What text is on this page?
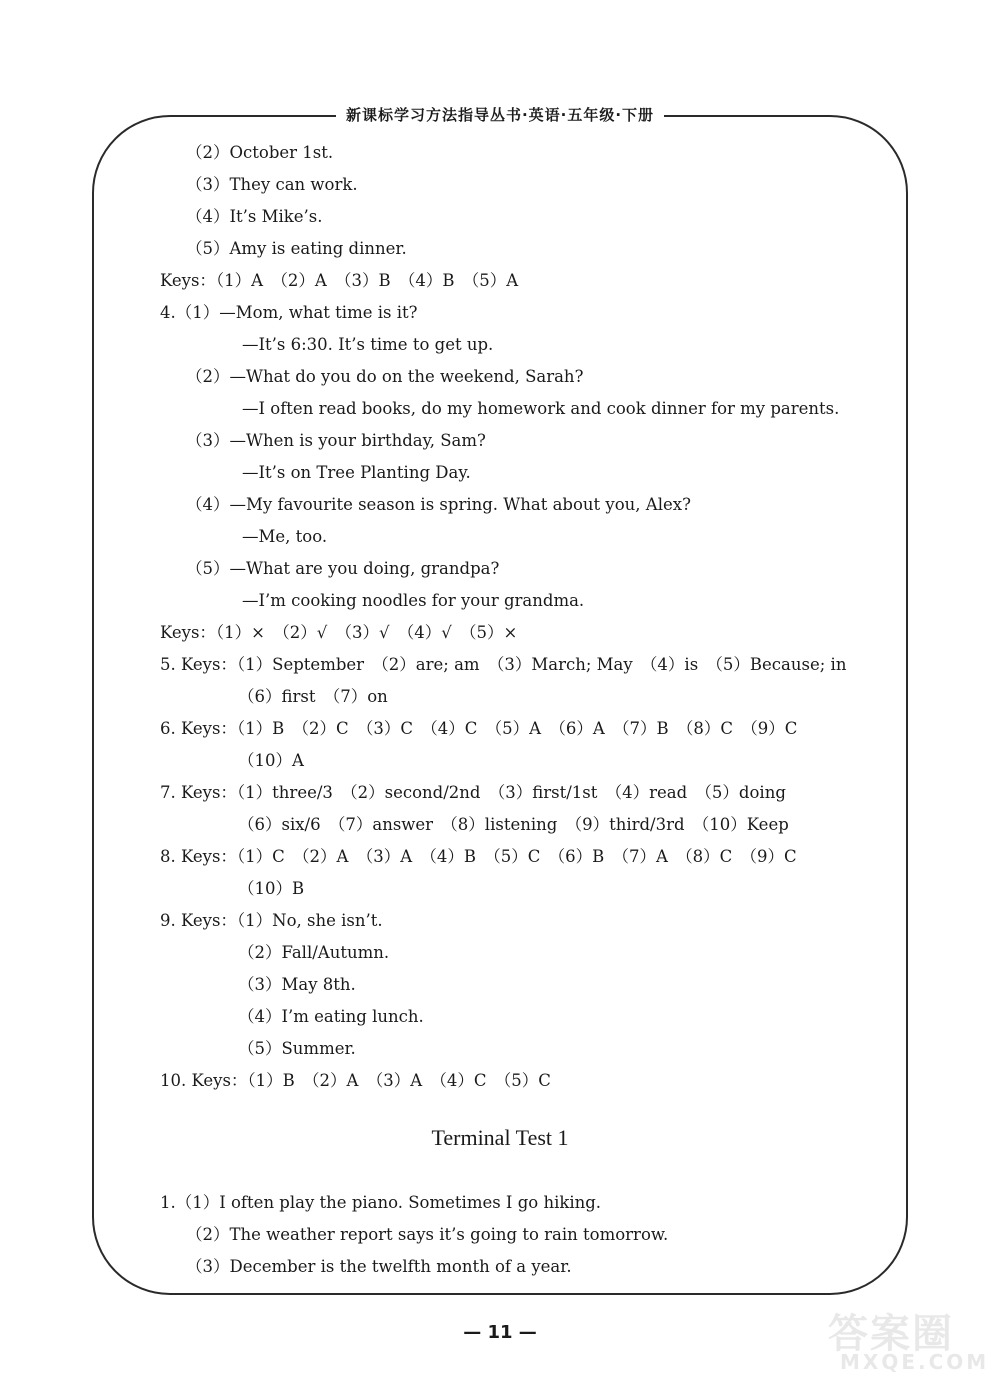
新课标学习方法指导丛书·英语·五年级·下册
（2）October 1st.
（3）They can work.
（4）It’s Mike’s.
（5）Amy is eating dinner.
Keys：（1）A　（2）A　（3）B　（4）B　（5）A
4.（1）—Mom, what time is it?
—It’s 6:30. It’s time to get up.
（2）—What do you do on the weekend, Sarah?
—I often read books, do my homework and cook dinner for my parents.
（3）—When is your birthday, Sam?
—It’s on Tree Planting Day.
（4）—My favourite season is spring. What about you, Alex?
—Me, too.
（5）—What are you doing, grandpa?
—I’m cooking noodles for your grandma.
Keys：（1）×　（2）√　（3）√　（4）√　（5）×
5. Keys：（1）September　（2）are; am　（3）March; May　（4）is　（5）Because; in
（6）first　（7）on
6. Keys：（1）B　（2）C　（3）C　（4）C　（5）A　（6）A　（7）B　（8）C　（9）C
（10）A
7. Keys：（1）three/3　（2）second/2nd　（3）first/1st　（4）read　（5）doing
（6）six/6　（7）answer　（8）listening　（9）third/3rd　（10）Keep
8. Keys：（1）C　（2）A　（3）A　（4）B　（5）C　（6）B　（7）A　（8）C　（9）C
（10）B
9. Keys：（1）No, she isn’t.
（2）Fall/Autumn.
（3）May 8th.
（4）I’m eating lunch.
（5）Summer.
10. Keys：（1）B　（2）A　（3）A　（4）C　（5）C
Terminal Test 1
1.（1）I often play the piano. Sometimes I go hiking.
（2）The weather report says it’s going to rain tomorrow.
（3）December is the twelfth month of a year.
— 11 —	答案圈
MXQE.COM
